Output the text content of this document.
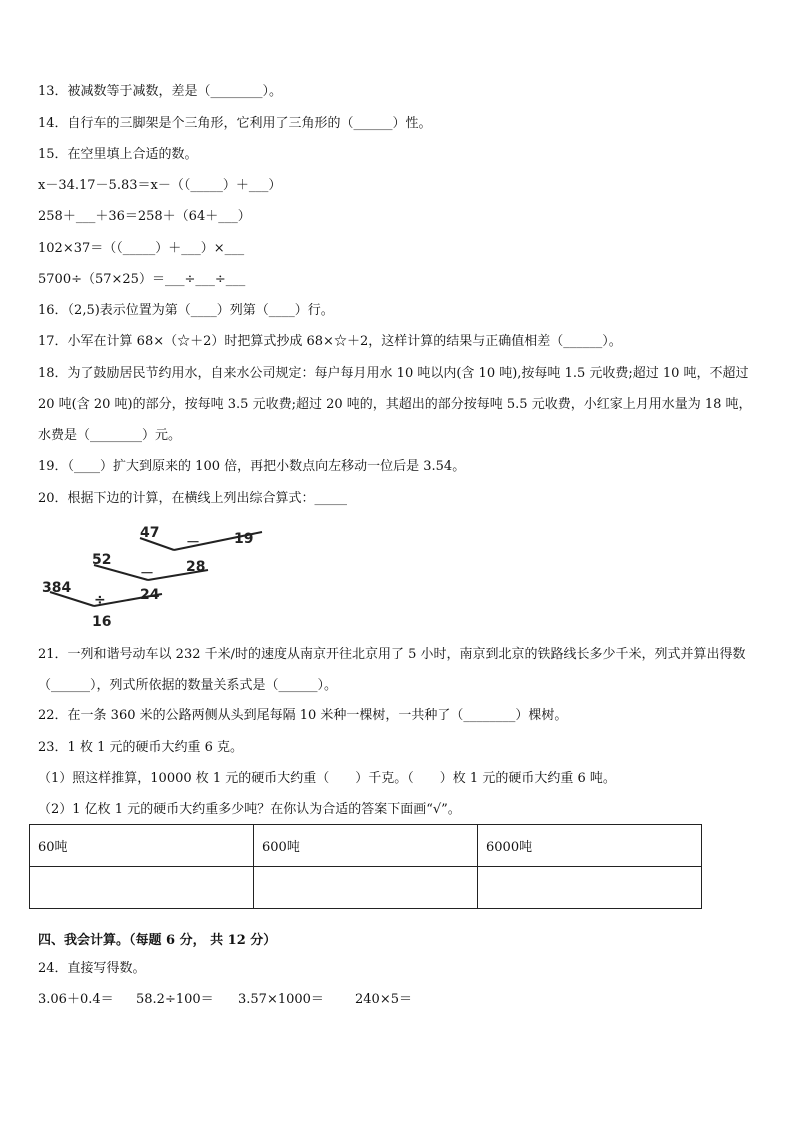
13．被减数等于减数，差是（________）。
14．自行车的三脚架是个三角形，它利用了三角形的（______）性。
15．在空里填上合适的数。
x－34.17－5.83＝x－（（_____）＋___）
258＋___＋36＝258＋（64＋___）
102×37＝（（_____）＋___）×___
5700÷（57×25）＝___÷___÷___
16．（2,5)表示位置为第（____）列第（____）行。
17．小军在计算 68×（☆＋2）时把算式抄成 68×☆＋2，这样计算的结果与正确值相差（______）。
18．为了鼓励居民节约用水，自来水公司规定：每户每月用水 10 吨以内(含 10 吨),按每吨 1.5 元收费;超过 10 吨，不超过 20 吨(含 20 吨)的部分，按每吨 3.5 元收费;超过 20 吨的，其超出的部分按每吨 5.5 元收费，小红家上月用水量为 18 吨，水费是（________）元。
19．（____）扩大到原来的 100 倍，再把小数点向左移动一位后是 3.54。
20．根据下边的计算，在横线上列出综合算式：_____
47	19
－
28
52
－
24
384
÷
16
21．一列和谐号动车以 232 千米/时的速度从南京开往北京用了 5 小时，南京到北京的铁路线长多少千米，列式并算出得数（______），列式所依据的数量关系式是（______）。
22．在一条 360 米的公路两侧从头到尾每隔 10 米种一棵树，一共种了（________）棵树。
23．1 枚 1 元的硬币大约重 6 克。
（1）照这样推算，10000 枚 1 元的硬币大约重（　　）千克。（　　）枚 1 元的硬币大约重 6 吨。
（2）1 亿枚 1 元的硬币大约重多少吨？在你认为合适的答案下面画“√”。
60吨	600吨	6000吨

四、我会计算。（每题 6 分， 共 12 分）
24．直接写得数。
3.06＋0.4＝ 58.2÷100＝ 3.57×1000＝ 240×5＝
